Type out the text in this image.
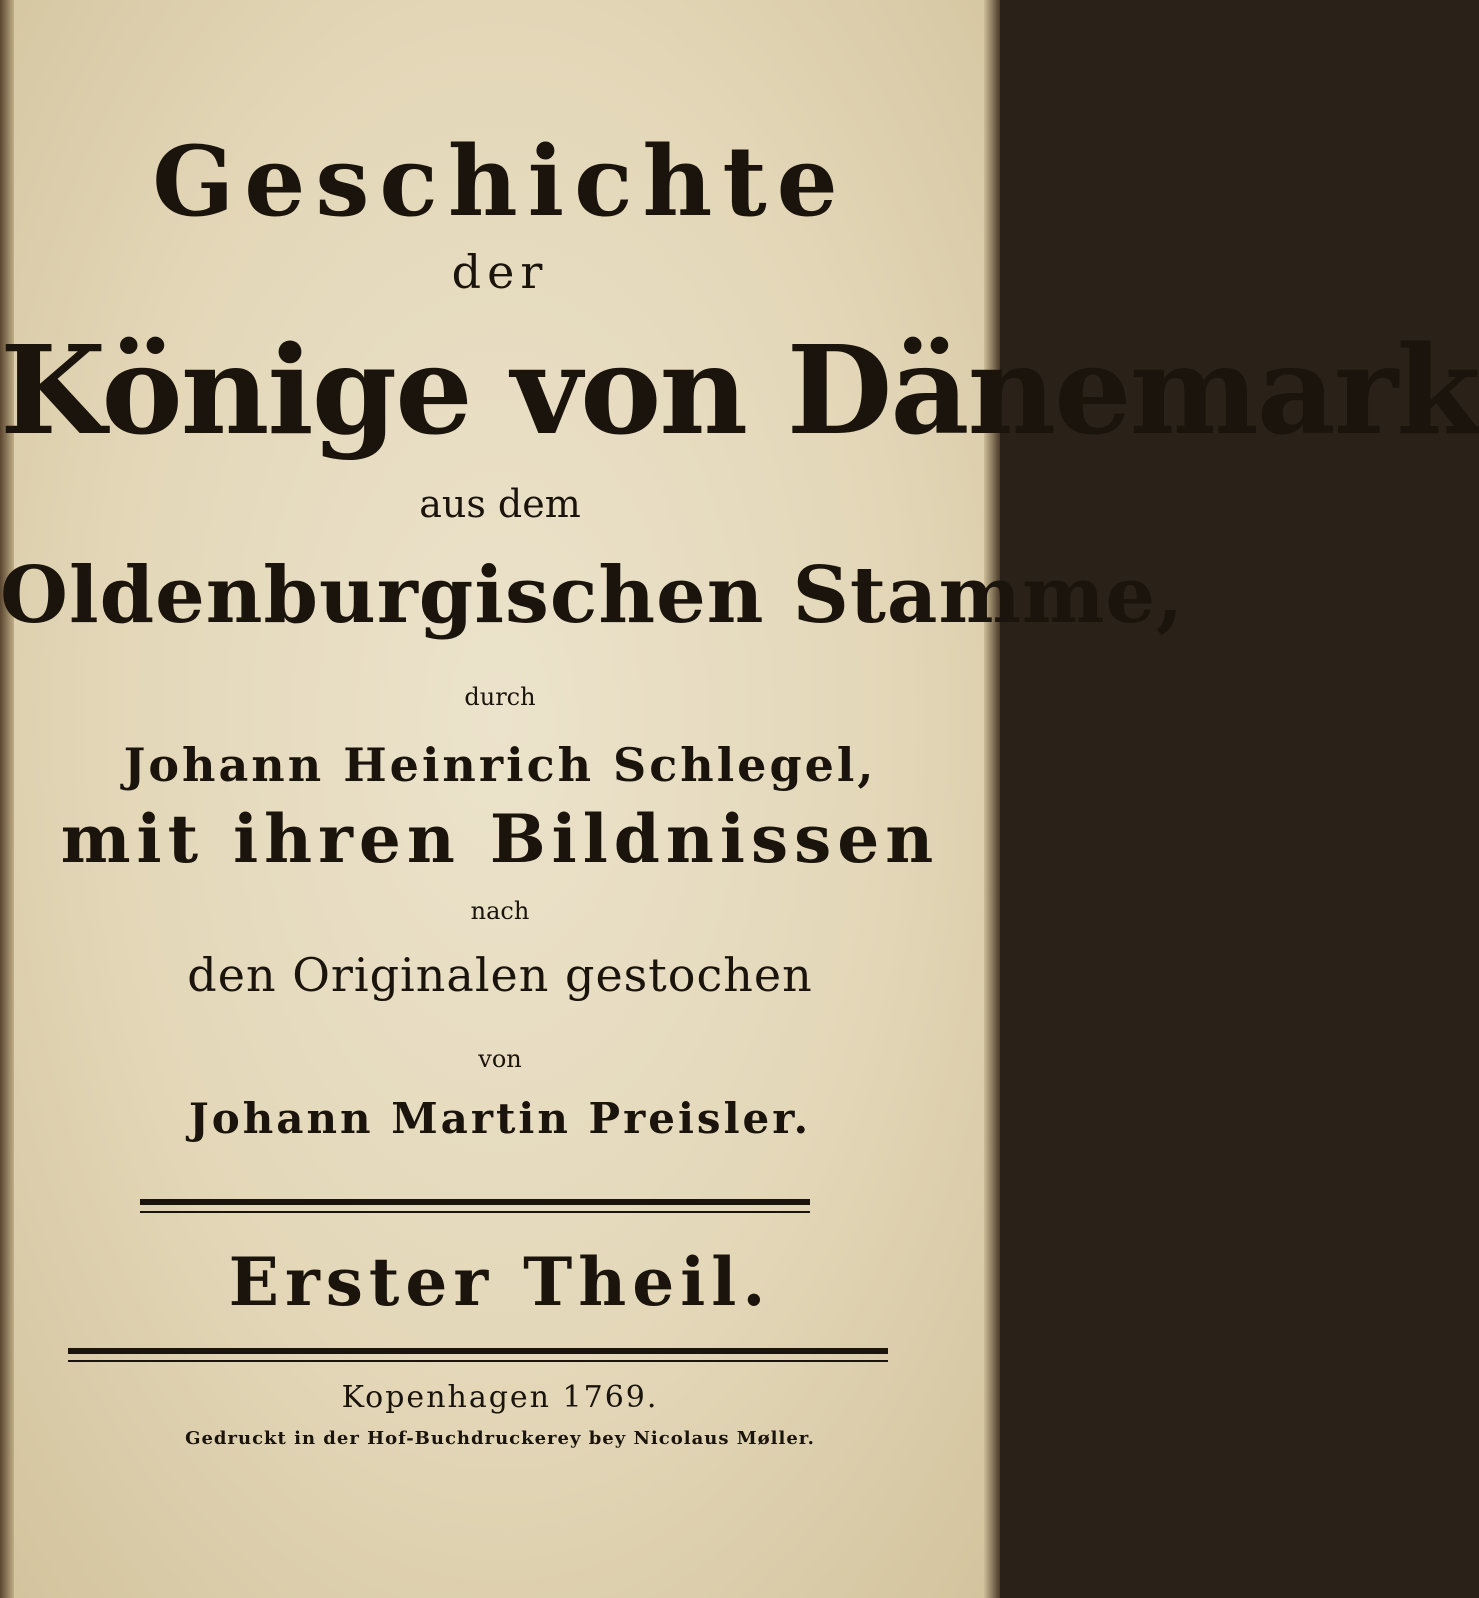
Geschichte
der
Könige von Dänemark
aus dem
Oldenburgischen Stamme,
durch
Johann Heinrich Schlegel,
mit ihren Bildnissen
nach
den Originalen gestochen
von
Johann Martin Preisler.
Erster Theil.
Kopenhagen 1769.
Gedruckt in der Hof-Buchdruckerey bey Nicolaus Møller.
